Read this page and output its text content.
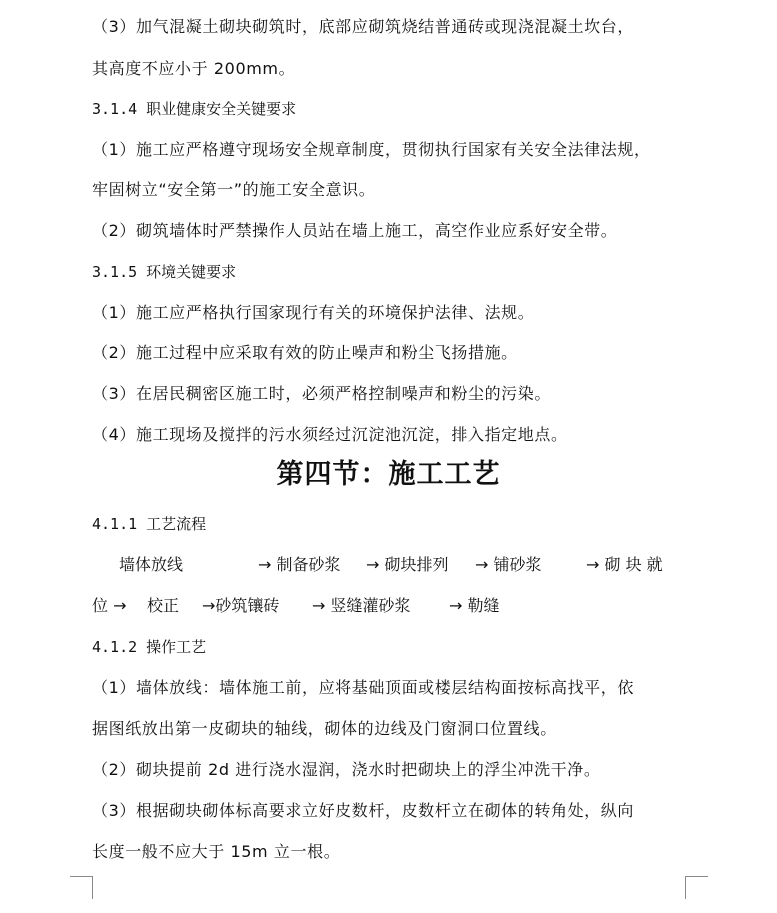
（3）加气混凝土砌块砌筑时，底部应砌筑烧结普通砖或现浇混凝土坎台，
其高度不应小于 200mm。
3.1.4 职业健康安全关键要求
（1）施工应严格遵守现场安全规章制度，贯彻执行国家有关安全法律法规，
牢固树立“安全第一”的施工安全意识。
（2）砌筑墙体时严禁操作人员站在墙上施工，高空作业应系好安全带。
3.1.5 环境关键要求
（1）施工应严格执行国家现行有关的环境保护法律、法规。
（2）施工过程中应采取有效的防止噪声和粉尘飞扬措施。
（3）在居民稠密区施工时，必须严格控制噪声和粉尘的污染。
（4）施工现场及搅拌的污水须经过沉淀池沉淀，排入指定地点。
第四节：施工工艺
4.1.1 工艺流程
墙体放线	→ 制备砂浆 → 砌块排列 → 铺砂浆	→ 砌 块 就
位 → 校正 →砂筑镶砖 → 竖缝灌砂浆 → 勒缝
4.1.2 操作工艺
（1）墙体放线：墙体施工前，应将基础顶面或楼层结构面按标高找平，依
据图纸放出第一皮砌块的轴线，砌体的边线及门窗洞口位置线。
（2）砌块提前 2d 进行浇水湿润，浇水时把砌块上的浮尘冲洗干净。
（3）根据砌块砌体标高要求立好皮数杆，皮数杆立在砌体的转角处，纵向
长度一般不应大于 15m 立一根。
